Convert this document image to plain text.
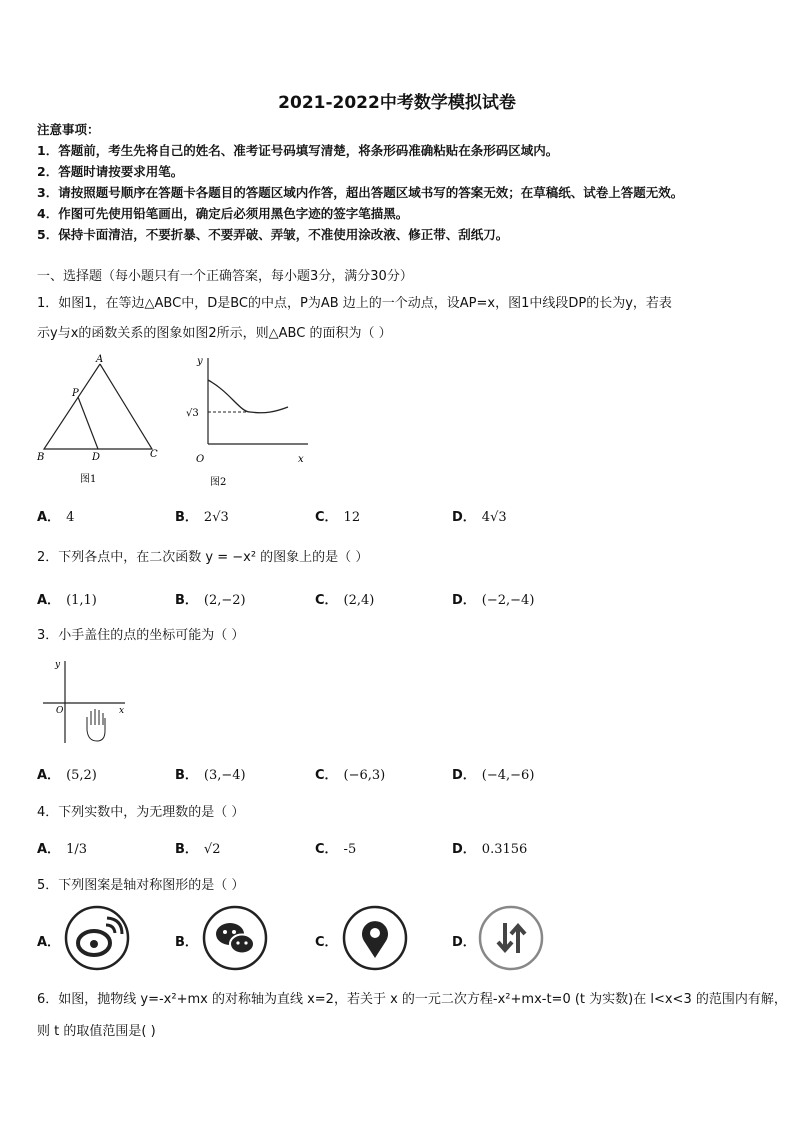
2021-2022中考数学模拟试卷
注意事项：
1．答题前，考生先将自己的姓名、准考证号码填写清楚，将条形码准确粘贴在条形码区域内。
2．答题时请按要求用笔。
3．请按照题号顺序在答题卡各题目的答题区域内作答，超出答题区域书写的答案无效；在草稿纸、试卷上答题无效。
4．作图可先使用铅笔画出，确定后必须用黑色字迹的签字笔描黑。
5．保持卡面清洁，不要折暴、不要弄破、弄皱，不准使用涂改液、修正带、刮纸刀。
一、选择题（每小题只有一个正确答案，每小题3分，满分30分）
1．如图1，在等边△ABC中，D是BC的中点，P为AB 边上的一个动点，设AP=x，图1中线段DP的长为y，若表
示y与x的函数关系的图象如图2所示，则△ABC 的面积为（ ）
A
P
B	D	C
图1
y
x
O
√3
图2
A． 4	B． 2√3	C． 12	D． 4√3
2．下列各点中，在二次函数 y = −x² 的图象上的是（ ）
A． (1,1)	B． (2,−2)	C． (2,4)	D． (−2,−4)
3．小手盖住的点的坐标可能为（ ）
y
x
O
A． (5,2)	B． (3,−4)	C． (−6,3)	D． (−4,−6)
4．下列实数中，为无理数的是（ ）
A． 1/3	B． √2	C． -5	D． 0.3156
5．下列图案是轴对称图形的是（ ）
A．	B．	C．	D．
6．如图，抛物线 y=-x²+mx 的对称轴为直线 x=2，若关于 x 的一元二次方程-x²+mx-t=0 (t 为实数)在 l<x<3 的范围内有解，
则 t 的取值范围是( )
